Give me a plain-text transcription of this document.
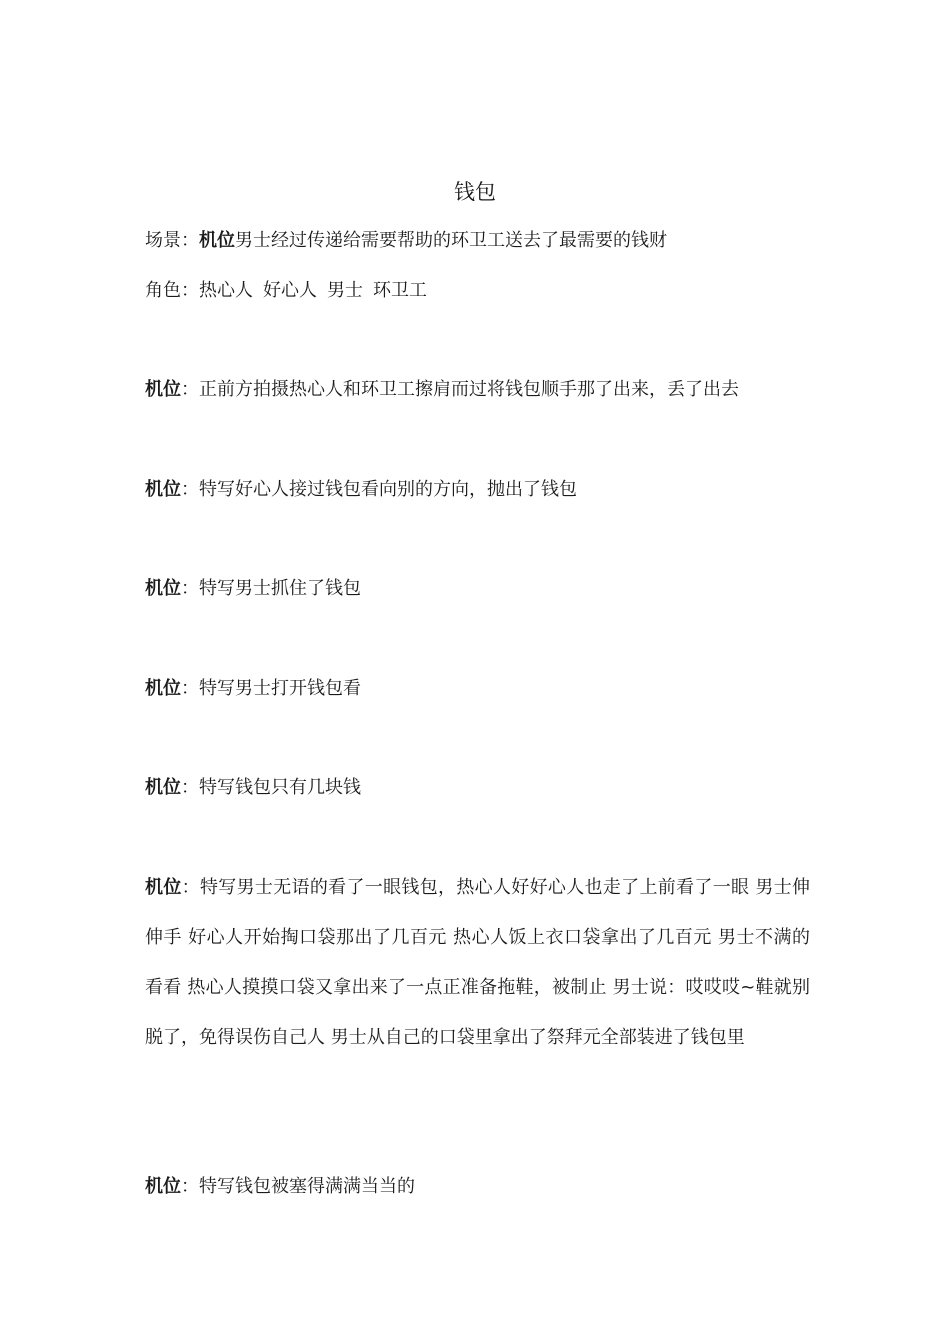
钱包
场景：机位男士经过传递给需要帮助的环卫工送去了最需要的钱财
角色：热心人 好心人 男士 环卫工
机位：正前方拍摄热心人和环卫工擦肩而过将钱包顺手那了出来，丢了出去
机位：特写好心人接过钱包看向别的方向，抛出了钱包
机位：特写男士抓住了钱包
机位：特写男士打开钱包看
机位：特写钱包只有几块钱
机位：特写男士无语的看了一眼钱包，热心人好好心人也走了上前看了一眼 男士伸伸手 好心人开始掏口袋那出了几百元 热心人饭上衣口袋拿出了几百元 男士不满的看看 热心人摸摸口袋又拿出来了一点正准备拖鞋，被制止 男士说：哎哎哎~鞋就别脱了，免得误伤自己人 男士从自己的口袋里拿出了祭拜元全部装进了钱包里
机位：特写钱包被塞得满满当当的
